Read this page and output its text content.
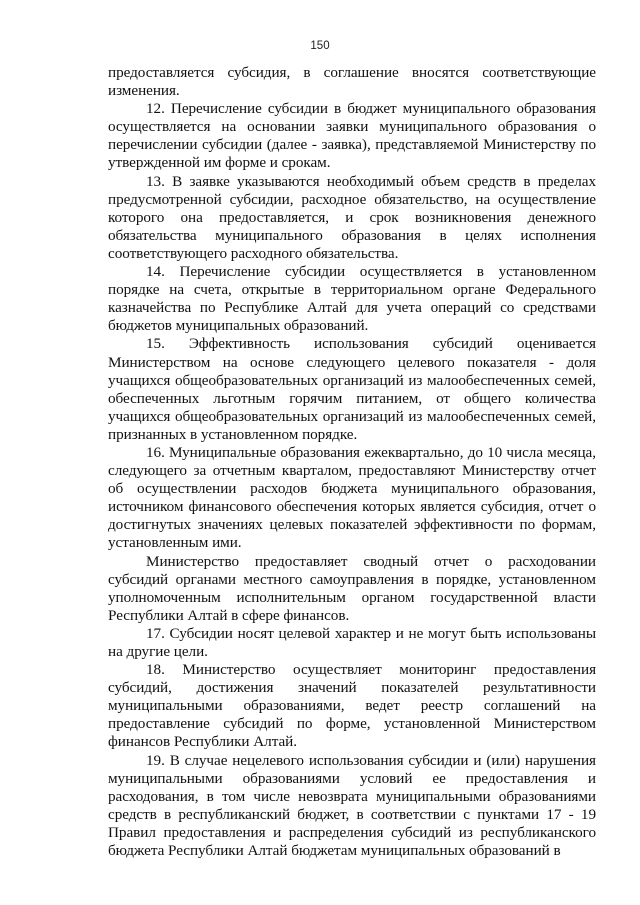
150

предоставляется субсидия, в соглашение вносятся соответствующие изменения.

12. Перечисление субсидии в бюджет муниципального образования осуществляется на основании заявки муниципального образования о перечислении субсидии (далее - заявка), представляемой Министерству по утвержденной им форме и срокам.

13. В заявке указываются необходимый объем средств в пределах предусмотренной субсидии, расходное обязательство, на осуществление которого она предоставляется, и срок возникновения денежного обязательства муниципального образования в целях исполнения соответствующего расходного обязательства.

14. Перечисление субсидии осуществляется в установленном порядке на счета, открытые в территориальном органе Федерального казначейства по Республике Алтай для учета операций со средствами бюджетов муниципальных образований.

15. Эффективность использования субсидий оценивается Министерством на основе следующего целевого показателя - доля учащихся общеобразовательных организаций из малообеспеченных семей, обеспеченных льготным горячим питанием, от общего количества учащихся общеобразовательных организаций из малообеспеченных семей, признанных в установленном порядке.

16. Муниципальные образования ежеквартально, до 10 числа месяца, следующего за отчетным кварталом, предоставляют Министерству отчет об осуществлении расходов бюджета муниципального образования, источником финансового обеспечения которых является субсидия, отчет о достигнутых значениях целевых показателей эффективности по формам, установленным ими.

Министерство предоставляет сводный отчет о расходовании субсидий органами местного самоуправления в порядке, установленном уполномоченным исполнительным органом государственной власти Республики Алтай в сфере финансов.

17. Субсидии носят целевой характер и не могут быть использованы на другие цели.

18. Министерство осуществляет мониторинг предоставления субсидий, достижения значений показателей результативности муниципальными образованиями, ведет реестр соглашений на предоставление субсидий по форме, установленной Министерством финансов Республики Алтай.

19. В случае нецелевого использования субсидии и (или) нарушения муниципальными образованиями условий ее предоставления и расходования, в том числе невозврата муниципальными образованиями средств в республиканский бюджет, в соответствии с пунктами 17 - 19 Правил предоставления и распределения субсидий из республиканского бюджета Республики Алтай бюджетам муниципальных образований в
